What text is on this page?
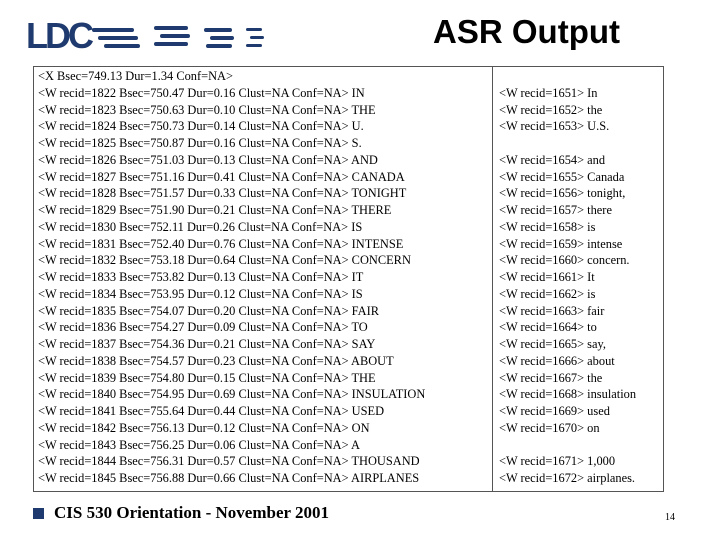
LDC	ASR Output
<X Bsec=749.13 Dur=1.34 Conf=NA>
<W recid=1822 Bsec=750.47 Dur=0.16 Clust=NA Conf=NA> IN
<W recid=1823 Bsec=750.63 Dur=0.10 Clust=NA Conf=NA> THE
<W recid=1824 Bsec=750.73 Dur=0.14 Clust=NA Conf=NA> U.
<W recid=1825 Bsec=750.87 Dur=0.16 Clust=NA Conf=NA> S.
<W recid=1826 Bsec=751.03 Dur=0.13 Clust=NA Conf=NA> AND
<W recid=1827 Bsec=751.16 Dur=0.41 Clust=NA Conf=NA> CANADA
<W recid=1828 Bsec=751.57 Dur=0.33 Clust=NA Conf=NA> TONIGHT
<W recid=1829 Bsec=751.90 Dur=0.21 Clust=NA Conf=NA> THERE
<W recid=1830 Bsec=752.11 Dur=0.26 Clust=NA Conf=NA> IS
<W recid=1831 Bsec=752.40 Dur=0.76 Clust=NA Conf=NA> INTENSE
<W recid=1832 Bsec=753.18 Dur=0.64 Clust=NA Conf=NA> CONCERN
<W recid=1833 Bsec=753.82 Dur=0.13 Clust=NA Conf=NA> IT
<W recid=1834 Bsec=753.95 Dur=0.12 Clust=NA Conf=NA> IS
<W recid=1835 Bsec=754.07 Dur=0.20 Clust=NA Conf=NA> FAIR
<W recid=1836 Bsec=754.27 Dur=0.09 Clust=NA Conf=NA> TO
<W recid=1837 Bsec=754.36 Dur=0.21 Clust=NA Conf=NA> SAY
<W recid=1838 Bsec=754.57 Dur=0.23 Clust=NA Conf=NA> ABOUT
<W recid=1839 Bsec=754.80 Dur=0.15 Clust=NA Conf=NA> THE
<W recid=1840 Bsec=754.95 Dur=0.69 Clust=NA Conf=NA> INSULATION
<W recid=1841 Bsec=755.64 Dur=0.44 Clust=NA Conf=NA> USED
<W recid=1842 Bsec=756.13 Dur=0.12 Clust=NA Conf=NA> ON
<W recid=1843 Bsec=756.25 Dur=0.06 Clust=NA Conf=NA> A
<W recid=1844 Bsec=756.31 Dur=0.57 Clust=NA Conf=NA> THOUSAND
<W recid=1845 Bsec=756.88 Dur=0.66 Clust=NA Conf=NA> AIRPLANES
<W recid=1651> In
<W recid=1652> the
<W recid=1653> U.S.
<W recid=1654> and
<W recid=1655> Canada
<W recid=1656> tonight,
<W recid=1657> there
<W recid=1658> is
<W recid=1659> intense
<W recid=1660> concern.
<W recid=1661> It
<W recid=1662> is
<W recid=1663> fair
<W recid=1664> to
<W recid=1665> say,
<W recid=1666> about
<W recid=1667> the
<W recid=1668> insulation
<W recid=1669> used
<W recid=1670> on
<W recid=1671> 1,000
<W recid=1672> airplanes.
CIS 530 Orientation - November 2001	14
